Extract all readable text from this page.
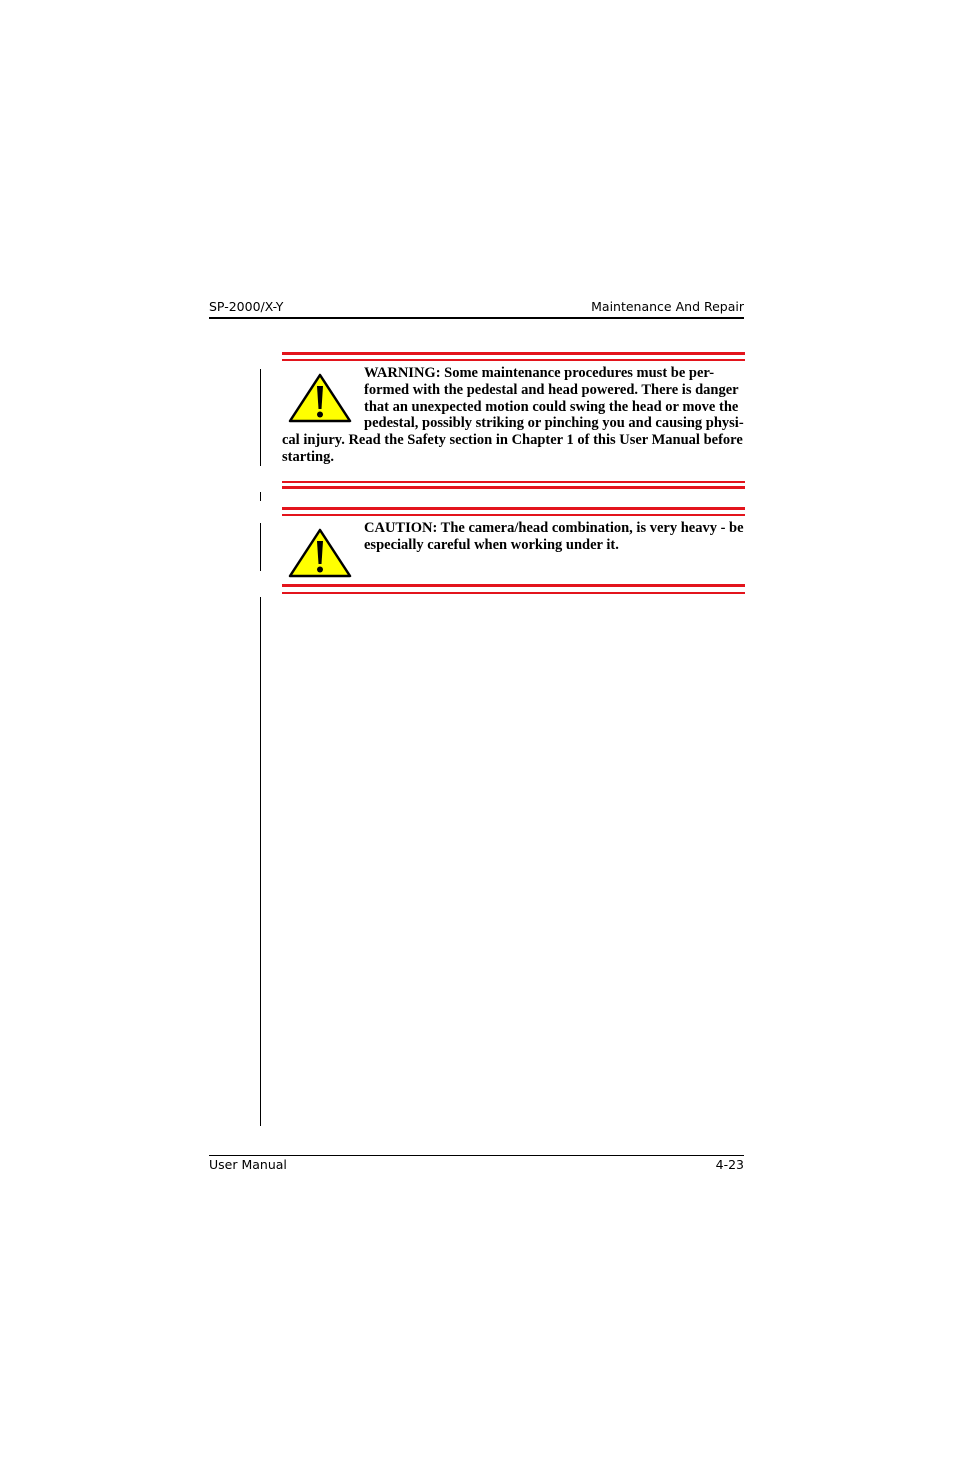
SP-2000/X-Y	Maintenance And Repair
WARNING: Some maintenance procedures must be per-formed with the pedestal and head powered. There is danger that an unexpected motion could swing the head or move the pedestal, possibly striking or pinching you and causing physi-cal injury. Read the Safety section in Chapter 1 of this User Manual before starting.
CAUTION: The camera/head combination, is very heavy - be especially careful when working under it.
User Manual	4-23
